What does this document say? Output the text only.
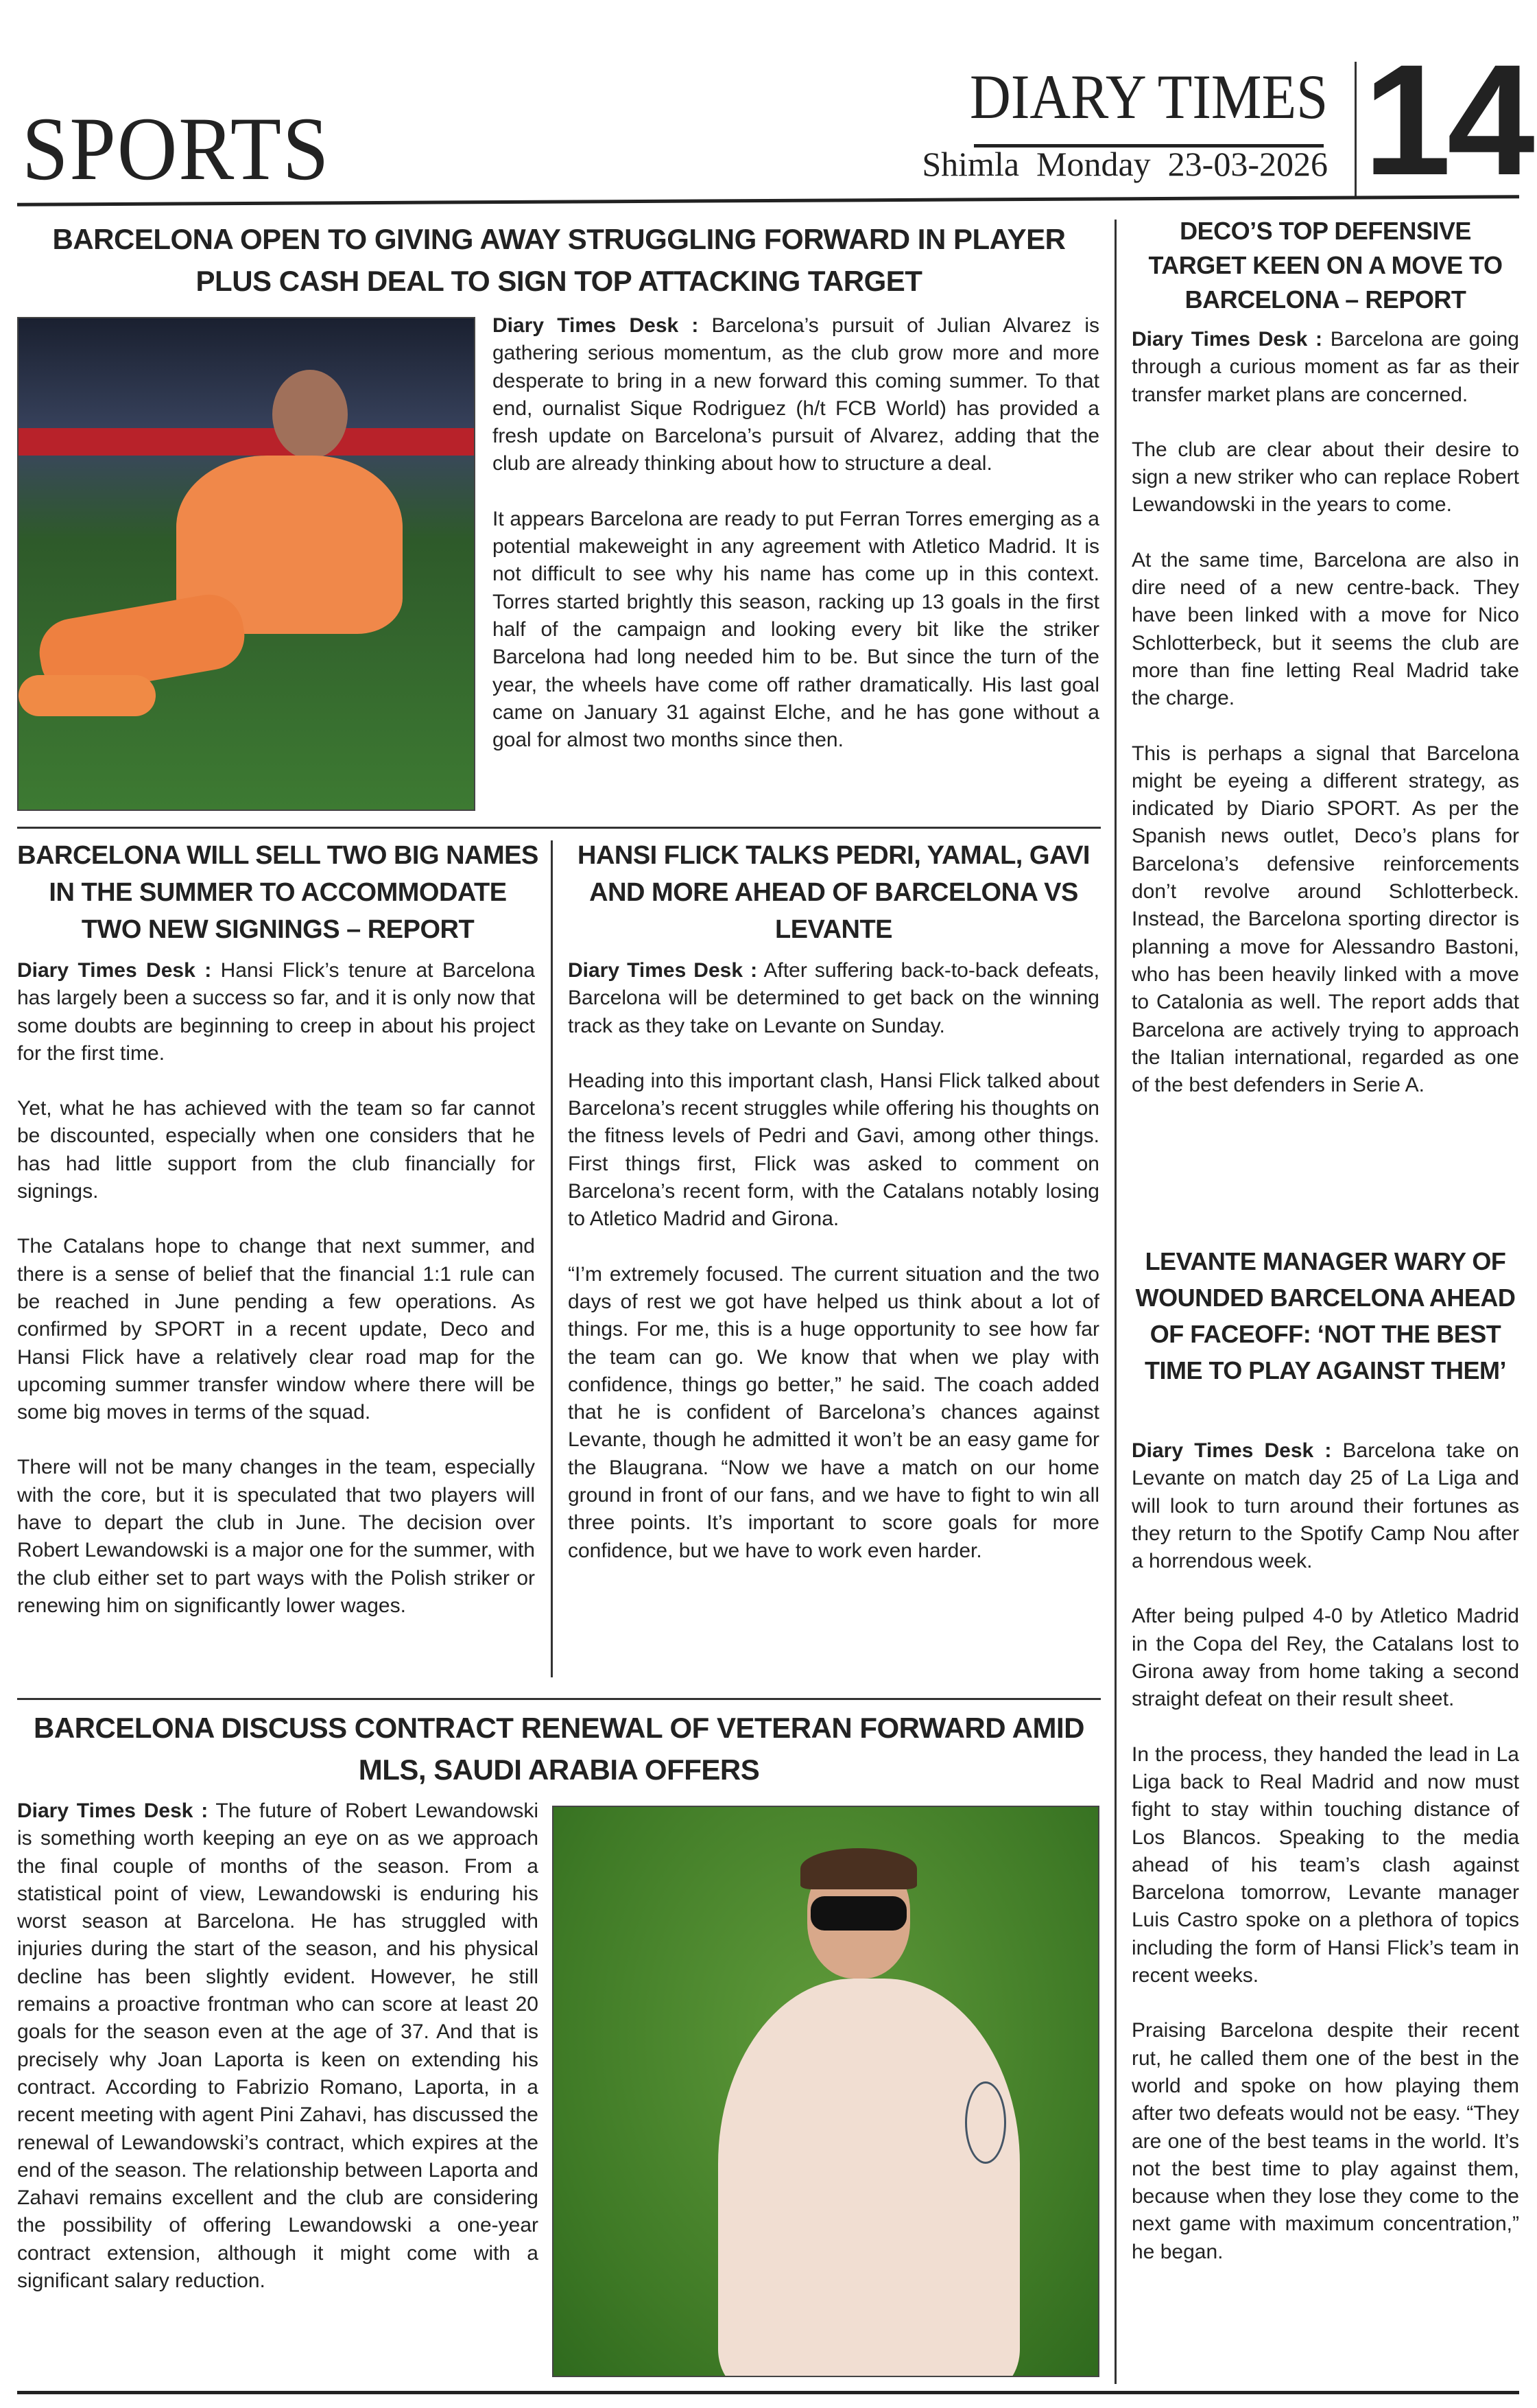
SPORTS
DIARY TIMES
Shimla  Monday  23-03-2026 14
BARCELONA OPEN TO GIVING AWAY STRUGGLING FORWARD IN PLAYER PLUS CASH DEAL TO SIGN TOP ATTACKING TARGET

Diary Times Desk : Barcelona’s pursuit of Julian Alvarez is gathering serious momentum, as the club grow more and more desperate to bring in a new forward this coming summer. To that end, ournalist Sique Rodriguez (h/t FCB World) has provided a fresh update on Barcelona’s pursuit of Alvarez, adding that the club are already thinking about how to structure a deal.

It appears Barcelona are ready to put Ferran Torres emerging as a potential makeweight in any agreement with Atletico Madrid. It is not difficult to see why his name has come up in this context. Torres started brightly this season, racking up 13 goals in the first half of the campaign and looking every bit like the striker Barcelona had long needed him to be. But since the turn of the year, the wheels have come off rather dramatically. His last goal came on January 31 against Elche, and he has gone without a goal for almost two months since then.

BARCELONA WILL SELL TWO BIG NAMES IN THE SUMMER TO ACCOMMODATE TWO NEW SIGNINGS – REPORT

Diary Times Desk : Hansi Flick’s tenure at Barcelona has largely been a success so far, and it is only now that some doubts are beginning to creep in about his project for the first time.

Yet, what he has achieved with the team so far cannot be discounted, especially when one considers that he has had little support from the club financially for signings.

The Catalans hope to change that next summer, and there is a sense of belief that the financial 1:1 rule can be reached in June pending a few operations. As confirmed by SPORT in a recent update, Deco and Hansi Flick have a relatively clear road map for the upcoming summer transfer window where there will be some big moves in terms of the squad.

There will not be many changes in the team, especially with the core, but it is speculated that two players will have to depart the club in June. The decision over Robert Lewandowski is a major one for the summer, with the club either set to part ways with the Polish striker or renewing him on significantly lower wages.

HANSI FLICK TALKS PEDRI, YAMAL, GAVI AND MORE AHEAD OF BARCELONA VS LEVANTE

Diary Times Desk : After suffering back-to-back defeats, Barcelona will be determined to get back on the winning track as they take on Levante on Sunday.

Heading into this important clash, Hansi Flick talked about Barcelona’s recent struggles while offering his thoughts on the fitness levels of Pedri and Gavi, among other things. First things first, Flick was asked to comment on Barcelona’s recent form, with the Catalans notably losing to Atletico Madrid and Girona.

“I’m extremely focused. The current situation and the two days of rest we got have helped us think about a lot of things. For me, this is a huge opportunity to see how far the team can go. We know that when we play with confidence, things go better,” he said. The coach added that he is confident of Barcelona’s chances against Levante, though he admitted it won’t be an easy game for the Blaugrana. “Now we have a match on our home ground in front of our fans, and we have to fight to win all three points. It’s important to score goals for more confidence, but we have to work even harder.

BARCELONA DISCUSS CONTRACT RENEWAL OF VETERAN FORWARD AMID MLS, SAUDI ARABIA OFFERS

Diary Times Desk : The future of Robert Lewandowski is something worth keeping an eye on as we approach the final couple of months of the season. From a statistical point of view, Lewandowski is enduring his worst season at Barcelona. He has struggled with injuries during the start of the season, and his physical decline has been slightly evident. However, he still remains a proactive frontman who can score at least 20 goals for the season even at the age of 37. And that is precisely why Joan Laporta is keen on extending his contract. According to Fabrizio Romano, Laporta, in a recent meeting with agent Pini Zahavi, has discussed the renewal of Lewandowski’s contract, which expires at the end of the season. The relationship between Laporta and Zahavi remains excellent and the club are considering the possibility of offering Lewandowski a one-year contract extension, although it might come with a significant salary reduction.

DECO’S TOP DEFENSIVE TARGET KEEN ON A MOVE TO BARCELONA – REPORT

Diary Times Desk : Barcelona are going through a curious moment as far as their transfer market plans are concerned.

The club are clear about their desire to sign a new striker who can replace Robert Lewandowski in the years to come.

At the same time, Barcelona are also in dire need of a new centre-back. They have been linked with a move for Nico Schlotterbeck, but it seems the club are more than fine letting Real Madrid take the charge.

This is perhaps a signal that Barcelona might be eyeing a different strategy, as indicated by Diario SPORT. As per the Spanish news outlet, Deco’s plans for Barcelona’s defensive reinforcements don’t revolve around Schlotterbeck. Instead, the Barcelona sporting director is planning a move for Alessandro Bastoni, who has been heavily linked with a move to Catalonia as well. The report adds that Barcelona are actively trying to approach the Italian international, regarded as one of the best defenders in Serie A.

LEVANTE MANAGER WARY OF WOUNDED BARCELONA AHEAD OF FACEOFF: ‘NOT THE BEST TIME TO PLAY AGAINST THEM’

Diary Times Desk : Barcelona take on Levante on match day 25 of La Liga and will look to turn around their fortunes as they return to the Spotify Camp Nou after a horrendous week.

After being pulped 4-0 by Atletico Madrid in the Copa del Rey, the Catalans lost to Girona away from home taking a second straight defeat on their result sheet.

In the process, they handed the lead in La Liga back to Real Madrid and now must fight to stay within touching distance of Los Blancos. Speaking to the media ahead of his team’s clash against Barcelona tomorrow, Levante manager Luis Castro spoke on a plethora of topics including the form of Hansi Flick’s team in recent weeks.

Praising Barcelona despite their recent rut, he called them one of the best in the world and spoke on how playing them after two defeats would not be easy. “They are one of the best teams in the world. It’s not the best time to play against them, because when they lose they come to the next game with maximum concentration,” he began.
